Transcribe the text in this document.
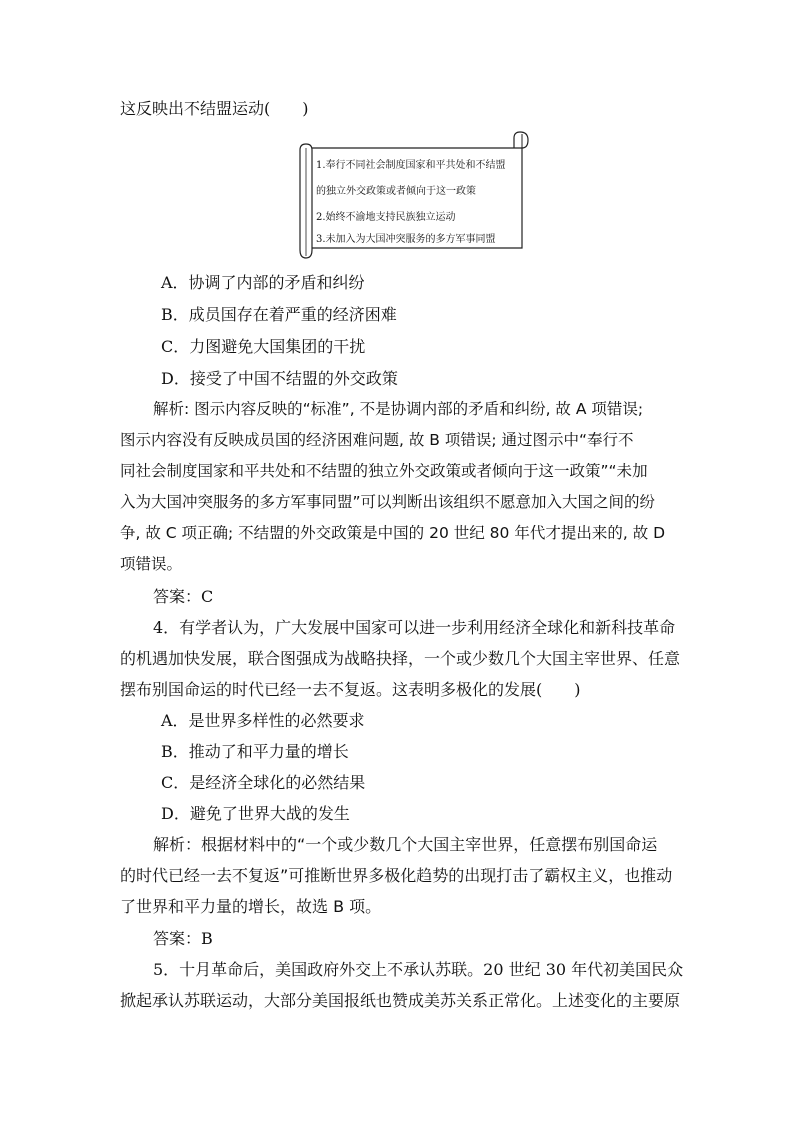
这反映出不结盟运动(　　)
1.奉行不同社会制度国家和平共处和不结盟
的独立外交政策或者倾向于这一政策
2.始终不渝地支持民族独立运动
3.未加入为大国冲突服务的多方军事同盟
A．协调了内部的矛盾和纠纷
B．成员国存在着严重的经济困难
C．力图避免大国集团的干扰
D．接受了中国不结盟的外交政策
解析: 图示内容反映的“标准”, 不是协调内部的矛盾和纠纷, 故 A 项错误;
图示内容没有反映成员国的经济困难问题, 故 B 项错误; 通过图示中“奉行不
同社会制度国家和平共处和不结盟的独立外交政策或者倾向于这一政策”“未加
入为大国冲突服务的多方军事同盟”可以判断出该组织不愿意加入大国之间的纷
争, 故 C 项正确; 不结盟的外交政策是中国的 20 世纪 80 年代才提出来的, 故 D
项错误。
答案：C
4．有学者认为，广大发展中国家可以进一步利用经济全球化和新科技革命
的机遇加快发展，联合图强成为战略抉择，一个或少数几个大国主宰世界、任意
摆布别国命运的时代已经一去不复返。这表明多极化的发展(　　)
A．是世界多样性的必然要求
B．推动了和平力量的增长
C．是经济全球化的必然结果
D．避免了世界大战的发生
解析：根据材料中的“一个或少数几个大国主宰世界，任意摆布别国命运
的时代已经一去不复返”可推断世界多极化趋势的出现打击了霸权主义，也推动
了世界和平力量的增长，故选 B 项。
答案：B
5．十月革命后，美国政府外交上不承认苏联。20 世纪 30 年代初美国民众
掀起承认苏联运动，大部分美国报纸也赞成美苏关系正常化。上述变化的主要原
